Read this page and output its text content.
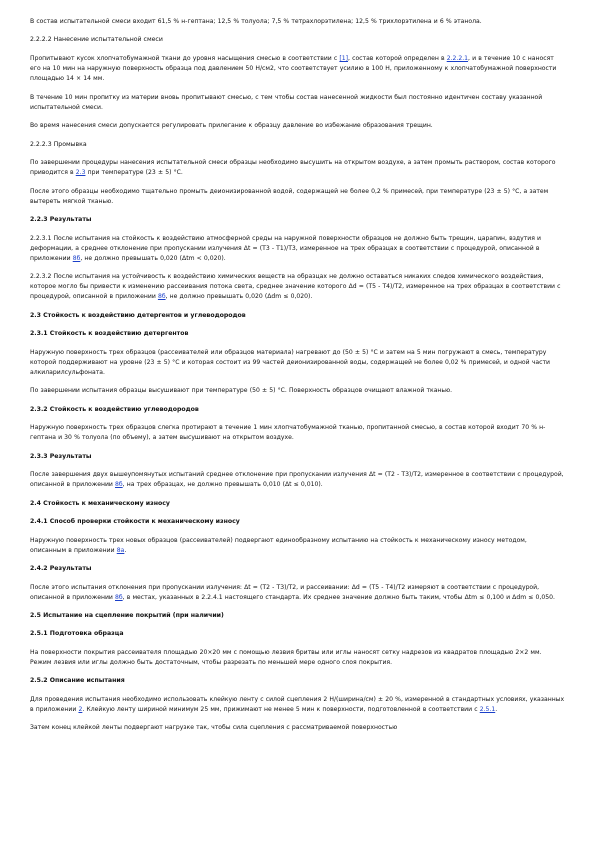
В состав испытательной смеси входит 61,5 % н-гептана; 12,5 % толуола; 7,5 % тетрахлорэтилена; 12,5 % трихлорэтилена и 6 % этанола.
2.2.2.2 Нанесение испытательной смеси
Пропитывают кусок хлопчатобумажной ткани до уровня насыщения смесью в соответствии с [1], состав которой определен в 2.2.2.1, и в течение 10 с наносят его на 10 мин на наружную поверхность образца под давлением 50 Н/см2, что соответствует усилию в 100 Н, приложенному к хлопчатобумажной поверхности площадью 14 × 14 мм.
В течение 10 мин пропитку из материи вновь пропитывают смесью, с тем чтобы состав нанесенной жидкости был постоянно идентичен составу указанной испытательной смеси.
Во время нанесения смеси допускается регулировать прилегание к образцу давление во избежание образования трещин.
2.2.2.3 Промывка
По завершении процедуры нанесения испытательной смеси образцы необходимо высушить на открытом воздухе, а затем промыть раствором, состав которого приводится в 2.3 при температуре (23 ± 5) °С.
После этого образцы необходимо тщательно промыть деионизированной водой, содержащей не более 0,2 % примесей, при температуре (23 ± 5) °С, а затем вытереть мягкой тканью.
2.2.3 Результаты
2.2.3.1 После испытания на стойкость к воздействию атмосферной среды на наружной поверхности образцов не должно быть трещин, царапин, вздутия и деформации, а среднее отклонение при пропускании излучения Δt = (T3 - T1)/T3, измеренное на трех образцах в соответствии с процедурой, описанной в приложении 8б, не должно превышать 0,020 (Δtm < 0,020).
2.2.3.2 После испытания на устойчивость к воздействию химических веществ на образцах не должно оставаться никаких следов химического воздействия, которое могло бы привести к изменению рассеивания потока света, среднее значение которого Δd = (T5 - T4)/T2, измеренное на трех образцах в соответствии с процедурой, описанной в приложении 8б, не должно превышать 0,020 (Δdm ≤ 0,020).
2.3 Стойкость к воздействию детергентов и углеводородов
2.3.1 Стойкость к воздействию детергентов
Наружную поверхность трех образцов (рассеивателей или образцов материала) нагревают до (50 ± 5) °С и затем на 5 мин погружают в смесь, температуру которой поддерживают на уровне (23 ± 5) °С и которая состоит из 99 частей деионизированной воды, содержащей не более 0,02 % примесей, и одной части алкиларилсульфоната.
По завершении испытания образцы высушивают при температуре (50 ± 5) °С. Поверхность образцов очищают влажной тканью.
2.3.2 Стойкость к воздействию углеводородов
Наружную поверхность трех образцов слегка протирают в течение 1 мин хлопчатобумажной тканью, пропитанной смесью, в состав которой входит 70 % н-гептана и 30 % толуола (по объему), а затем высушивают на открытом воздухе.
2.3.3 Результаты
После завершения двух вышеупомянутых испытаний среднее отклонение при пропускании излучения Δt = (T2 - T3)/T2, измеренное в соответствии с процедурой, описанной в приложении 8б, на трех образцах, не должно превышать 0,010 (Δt ≤ 0,010).
2.4 Стойкость к механическому износу
2.4.1 Способ проверки стойкости к механическому износу
Наружную поверхность трех новых образцов (рассеивателей) подвергают единообразному испытанию на стойкость к механическому износу методом, описанным в приложении 8а.
2.4.2 Результаты
После этого испытания отклонения при пропускании излучения: Δt = (T2 - T3)/T2, и рассеивании: Δd = (T5 - T4)/T2 измеряют в соответствии с процедурой, описанной в приложении 8б, в местах, указанных в 2.2.4.1 настоящего стандарта. Их среднее значение должно быть таким, чтобы Δtm ≤ 0,100 и Δdm ≤ 0,050.
2.5 Испытание на сцепление покрытий (при наличии)
2.5.1 Подготовка образца
На поверхности покрытия рассеивателя площадью 20×20 мм с помощью лезвия бритвы или иглы наносят сетку надрезов из квадратов площадью 2×2 мм. Режим лезвия или иглы должно быть достаточным, чтобы разрезать по меньшей мере одного слоя покрытия.
2.5.2 Описание испытания
Для проведения испытания необходимо использовать клейкую ленту с силой сцепления 2 Н/(ширина/см) ± 20 %, измеренной в стандартных условиях, указанных в приложении 2. Клейкую ленту шириной минимум 25 мм, прижимают не менее 5 мин к поверхности, подготовленной в соответствии с 2.5.1.
Затем конец клейкой ленты подвергают нагрузке так, чтобы сила сцепления с рассматриваемой поверхностью
